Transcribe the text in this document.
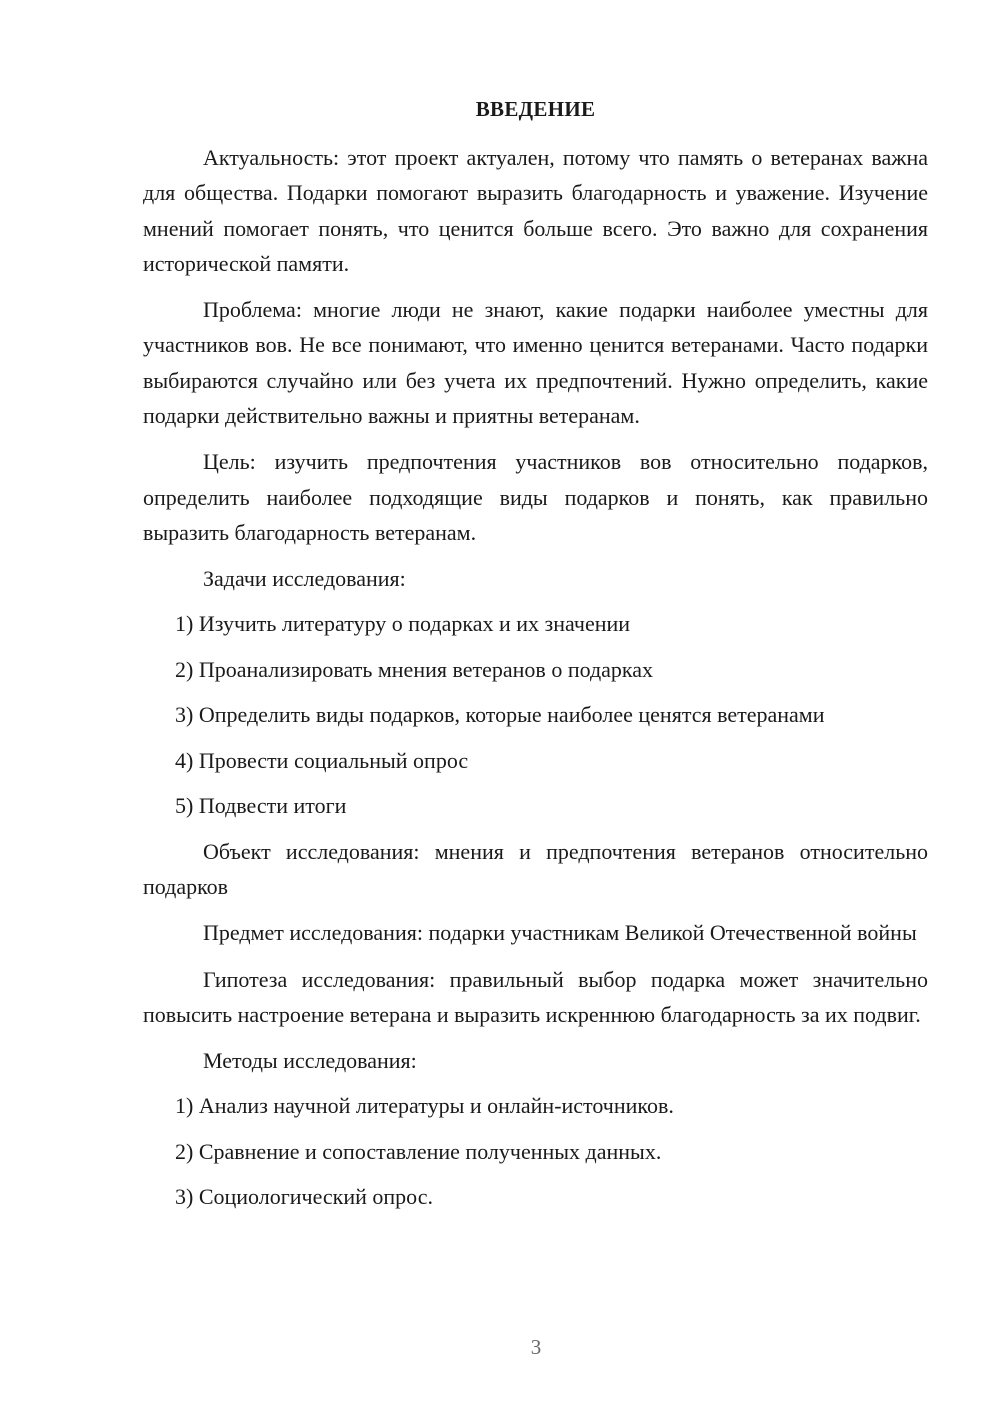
ВВЕДЕНИЕ

Актуальность: этот проект актуален, потому что память о ветеранах важна для общества. Подарки помогают выразить благодарность и уважение. Изучение мнений помогает понять, что ценится больше всего. Это важно для сохранения исторической памяти.

Проблема: многие люди не знают, какие подарки наиболее уместны для участников вов. Не все понимают, что именно ценится ветеранами. Часто подарки выбираются случайно или без учета их предпочтений. Нужно определить, какие подарки действительно важны и приятны ветеранам.

Цель: изучить предпочтения участников вов относительно подарков, определить наиболее подходящие виды подарков и понять, как правильно выразить благодарность ветеранам.

Задачи исследования:
1) Изучить литературу о подарках и их значении
2) Проанализировать мнения ветеранов о подарках
3) Определить виды подарков, которые наиболее ценятся ветеранами
4) Провести социальный опрос
5) Подвести итоги

Объект исследования: мнения и предпочтения ветеранов относительно подарков

Предмет исследования: подарки участникам Великой Отечественной войны

Гипотеза исследования: правильный выбор подарка может значительно повысить настроение ветерана и выразить искреннюю благодарность за их подвиг.

Методы исследования:
1) Анализ научной литературы и онлайн-источников.
2) Сравнение и сопоставление полученных данных.
3) Социологический опрос.
3
